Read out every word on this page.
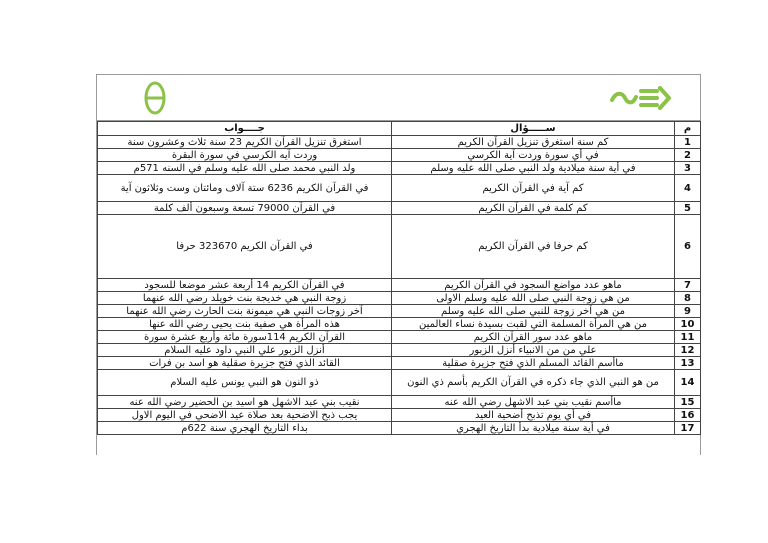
م	ســـــؤال	جــــواب
1	كم سنة استغرق تنزيل القرآن الكريم	استغرق تنزيل القرآن الكريم 23 سنة ثلاث وعشرون سنة
2	في أي سورة وردت آية الكرسي	وردت آيه الكرسي في سورة البقرة
3	في أية سنة ميلادية ولد النبي صلى الله عليه وسلم	ولد النبي محمد صلى الله عليه وسلم في السنه 571م
4	كم آية في القرآن الكريم	في القرآن الكريم 6236 ستة آلاف ومائتان وست وثلاثون آية
5	كم كلمة في القرآن الكريم	في القرآن 79000 تسعة وسبعون ألف كلمة
6	كم حرفا في القرآن الكريم	في القرآن الكريم 323670 حرفا
7	ماهو عدد مواضع السجود في القرآن الكريم	في القرآن الكريم 14 أربعة عشر موضعا للسجود
8	من هي زوجة النبي صلى الله عليه وسلم الاولى	زوجة النبي هي خديجة بنت خويلد رضي الله عنهما
9	من هي آخر زوجة للنبي صلى الله عليه وسلم	آخر زوجات النبي هي ميمونة بنت الحارث رضي الله عنهما
10	من هي المرأة المسلمة التي لقبت بسيدة نساء العالمين	هذه المرأة هي صفية بنت يحيى رضي الله عنها
11	ماهو عدد سور القرآن الكريم	القرآن الكريم 114سورة مائة وأربع عشرة سورة
12	علي من من الانبياء أنزل الزبور	أنزل الزبور علي النبي داود عليه السلام
13	ماأسم القائد المسلم الذي فتح جزيرة صقلية	القائد الذي فتح جزيرة صقلية هو اسد بن فرات
14	من هو النبي الذي جاء ذكره في القرآن الكريم بأسم ذي النون	ذو النون هو النبي يونس عليه السلام
15	ماأسم نقيب بني عبد الاشهل رضي الله عنه	نقيب بني عبد الاشهل هو اسيد بن الحضير رضي الله عنه
16	في أي يوم تذبح أضحية العيد	يجب ذبح الاضحية بعد صلاة عيد الاضحي في اليوم الاول
17	في أية سنة ميلادية بدأ التاريخ الهجري	بداء التاريخ الهجري سنة 622م
